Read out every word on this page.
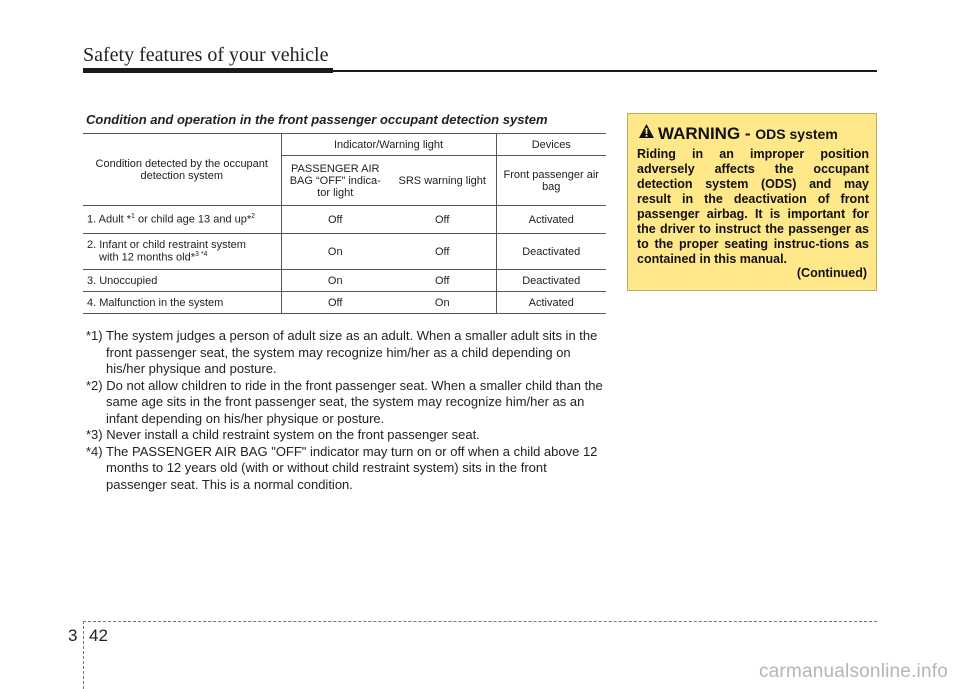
Safety features of your vehicle
Condition and operation in the front passenger occupant detection system
Condition detected by the occupant detection system	Indicator/Warning light		Devices
	PASSENGER AIR BAG “OFF” indica-tor light	SRS warning light	Front passenger air bag
1. Adult *$^1$ or child age 13 and up*$^2$	Off	Off	Activated

2. Infant or child restraint system
with 12 months old*$^{3 *4}$	On	Off	Deactivated
3. Unoccupied	On	Off	Deactivated
4. Malfunction in the system	Off	On	Activated

*1) The system judges a person of adult size as an adult. When a smaller adult sits in the front passenger seat, the system may recognize him/her as a child depending on his/her physique and posture.

*2) Do not allow children to ride in the front passenger seat. When a smaller child than the same age sits in the front passenger seat, the system may recognize him/her as an infant depending on his/her physique or posture.

*3) Never install a child restraint system on the front passenger seat.

*4) The PASSENGER AIR BAG "OFF" indicator may turn on or off when a child above 12 months to 12 years old (with or without child restraint system) sits in the front passenger seat. This is a normal condition.

WARNING - ODS system
Riding in an improper position adversely affects the occupant detection system (ODS) and may result in the deactivation of front passenger airbag. It is important for the driver to instruct the passenger as to the proper seating instruc-tions as contained in this manual.
(Continued)
3 42
carmanualsonline.info
